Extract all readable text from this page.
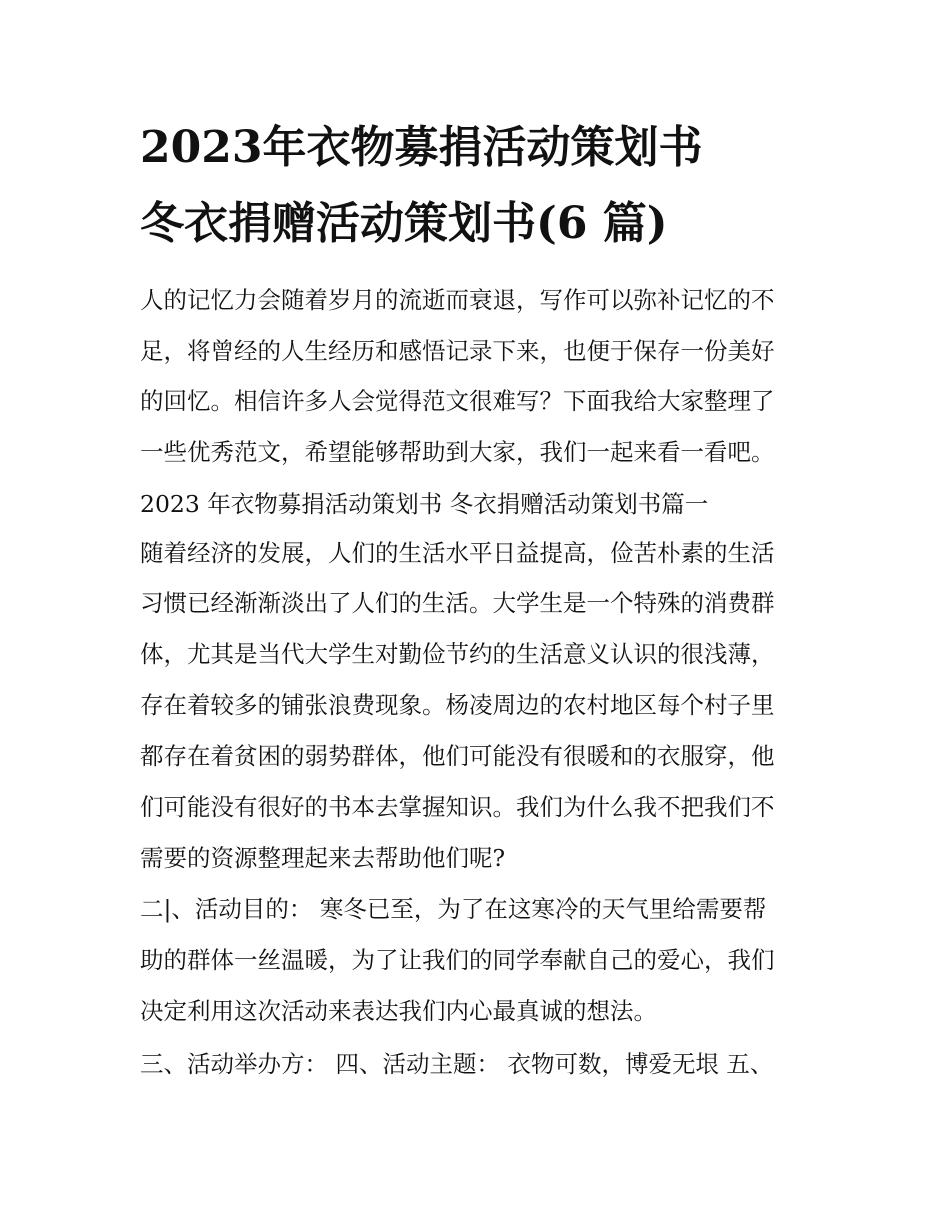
2023年衣物募捐活动策划书
冬衣捐赠活动策划书(6 篇)

人的记忆力会随着岁月的流逝而衰退，写作可以弥补记忆的不

足，将曾经的人生经历和感悟记录下来，也便于保存一份美好

的回忆。相信许多人会觉得范文很难写？下面我给大家整理了

一些优秀范文，希望能够帮助到大家，我们一起来看一看吧。

2023 年衣物募捐活动策划书 冬衣捐赠活动策划书篇一

随着经济的发展，人们的生活水平日益提高，俭苦朴素的生活

习惯已经渐渐淡出了人们的生活。大学生是一个特殊的消费群

体，尤其是当代大学生对勤俭节约的生活意义认识的很浅薄，

存在着较多的铺张浪费现象。杨凌周边的农村地区每个村子里

都存在着贫困的弱势群体，他们可能没有很暖和的衣服穿，他

们可能没有很好的书本去掌握知识。我们为什么我不把我们不

需要的资源整理起来去帮助他们呢?

二|、活动目的： 寒冬已至，为了在这寒冷的天气里给需要帮

助的群体一丝温暖，为了让我们的同学奉献自己的爱心，我们

决定利用这次活动来表达我们内心最真诚的想法。

三、活动举办方： 四、活动主题： 衣物可数，博爱无垠 五、
